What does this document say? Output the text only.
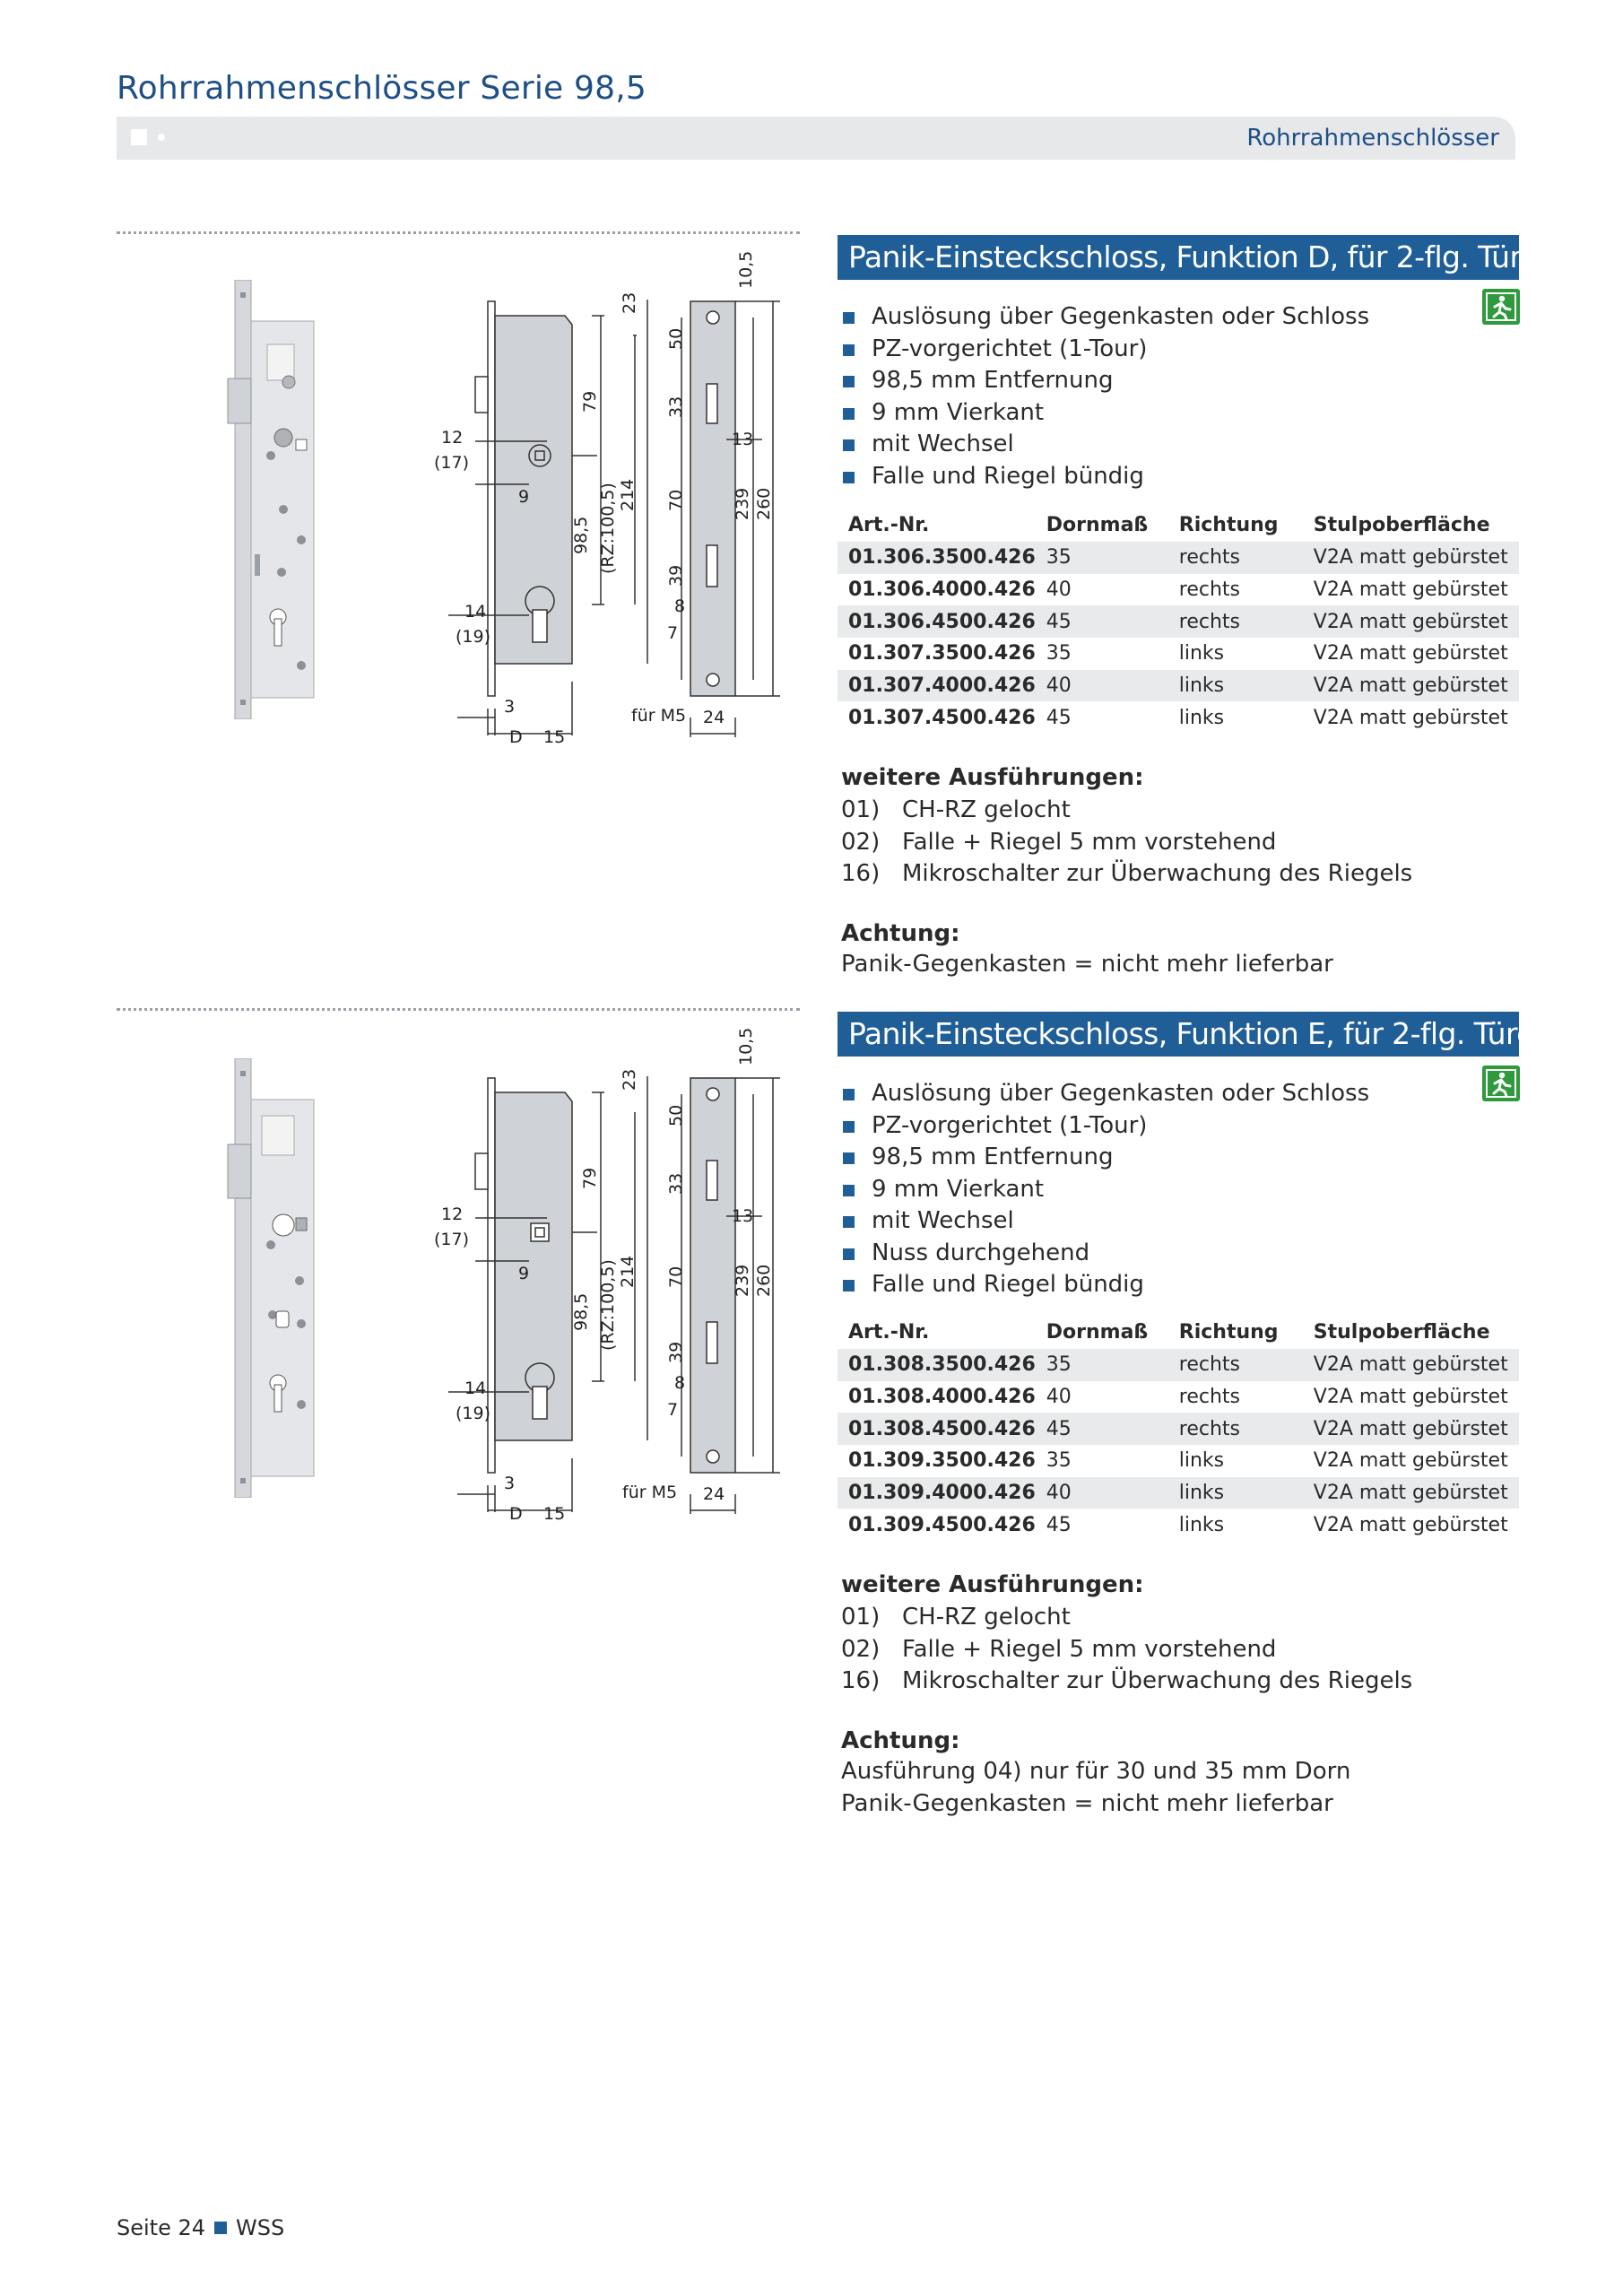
Rohrrahmenschlösser Serie 98,5
Rohrrahmenschlösser
23
79
12
(17)
9
98,5 (RZ:100,5) 214
14
(19)
3
D 15
10,5
50
33
13
70	239 260
39
8
7
für M5 24
Panik-Einsteckschloss, Funktion D, für 2-flg. Türen
Auslösung über Gegenkasten oder Schloss
PZ-vorgerichtet (1-Tour)
98,5 mm Entfernung
9 mm Vierkant
mit Wechsel
Falle und Riegel bündig
Art.-Nr.	Dornmaß	Richtung	Stulpoberfläche
01.306.3500.426	35	rechts	V2A matt gebürstet
01.306.4000.426	40	rechts	V2A matt gebürstet
01.306.4500.426	45	rechts	V2A matt gebürstet
01.307.3500.426	35	links	V2A matt gebürstet
01.307.4000.426	40	links	V2A matt gebürstet
01.307.4500.426	45	links	V2A matt gebürstet
weitere Ausführungen:
01) CH-RZ gelocht
02) Falle + Riegel 5 mm vorstehend
16) Mikroschalter zur Überwachung des Riegels
Achtung:
Panik-Gegenkasten = nicht mehr lieferbar
23
79
12
(17)
9
98,5 (RZ:100,5) 214
14
(19)
3
D 15
10,5
50
33
13
70	239 260
39
8
7
für M5 24
Panik-Einsteckschloss, Funktion E, für 2-flg. Türen
Auslösung über Gegenkasten oder Schloss
PZ-vorgerichtet (1-Tour)
98,5 mm Entfernung
9 mm Vierkant
mit Wechsel
Nuss durchgehend
Falle und Riegel bündig
Art.-Nr.	Dornmaß	Richtung	Stulpoberfläche
01.308.3500.426	35	rechts	V2A matt gebürstet
01.308.4000.426	40	rechts	V2A matt gebürstet
01.308.4500.426	45	rechts	V2A matt gebürstet
01.309.3500.426	35	links	V2A matt gebürstet
01.309.4000.426	40	links	V2A matt gebürstet
01.309.4500.426	45	links	V2A matt gebürstet
weitere Ausführungen:
01) CH-RZ gelocht
02) Falle + Riegel 5 mm vorstehend
16) Mikroschalter zur Überwachung des Riegels
Achtung:
Ausführung 04) nur für 30 und 35 mm Dorn
Panik-Gegenkasten = nicht mehr lieferbar
Seite 24 WSS
